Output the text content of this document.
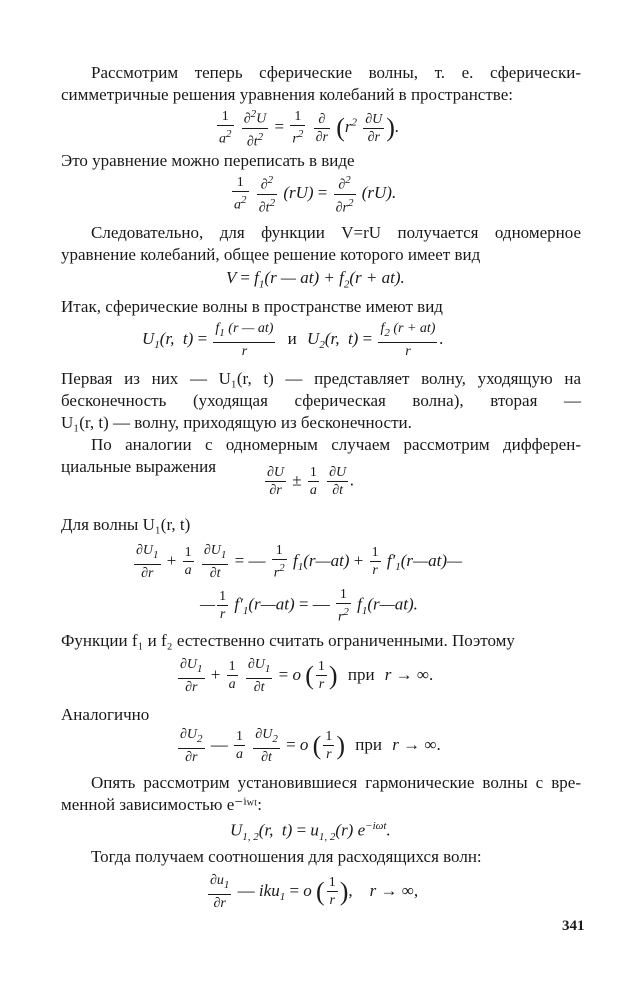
Рассмотрим теперь сферические волны, т. е. сферически-

симметричные решения уравнения колебаний в пространстве:

$\frac{1}{a^2}$
$\frac{\partial^2U}{\partial t^2} = \frac{1}{r^2}$
$\frac{\partial}{\partial r} (r^2 \frac{\partial U}{\partial r}$ ).

Это уравнение можно переписать в виде

$\frac{1}{a^2}$
$\frac{\partial^2}{\partial t^2} (rU) = \frac{\partial^2}{\partial r^2} (rU)$.

Следовательно, для функции V=rU получается одномерное

уравнение колебаний, общее решение которого имеет вид

$V = f_1(r$ — $at) + f_2(r + at)$.

Итак, сферические волны в пространстве имеют вид

$U_1(r$,  $t) = \frac{f_1 (r — at)}{r}$ и $U_2(r$,  $t) = \frac{f_2 (r + at)}{r}$ .

Первая из них — U₁(r, t) — представляет волну, уходящую на

бесконечность (уходящая сферическая волна), вторая —

U₁(r, t) — волну, приходящую из бесконечности.

По аналогии с одномерным случаем рассмотрим дифферен-

циальные выражения	$\frac{\partial U}{\partial r} \pm \frac{1}{a}$
$\frac{\partial U}{\partial t}$ .

Для волны U₁(r, t)

$\frac{\partial U_1}{\partial r} + \frac{1}{a}$
$\frac{\partial U_1}{\partial t}$ = — $\frac{1}{r^2}$ $f_1(r—at) + \frac{1}{r}$ $f'_1(r—at)—$
— $\frac{1}{r}$ $f'_1(r—at)$ = — $\frac{1}{r^2}$ $f_1(r—at)$.

Функции f₁ и f₂ естественно считать ограниченными. Поэтому

$\frac{\partial U_1}{\partial r} + \frac{1}{a}$
$\frac{\partial U_1}{\partial t} = o$ ( $\frac{1}{r}$ ) при r → ∞.

Аналогично

$\frac{\partial U_2}{\partial r}$ — $\frac{1}{a}$
$\frac{\partial U_2}{\partial t} = o$ ( $\frac{1}{r}$ ) при r → ∞.

Опять рассмотрим установившиеся гармонические волны с вре-

менной зависимостью e⁻ⁱʷᵗ:

$U_{1, 2}(r$,  $t) = u_{1, 2}(r)$ $e^{-i\omega t}$.

Тогда получаем соотношения для расходящихся волн:

$\frac{\partial u_1}{\partial r}$ — iku$_1$ = o ( $\frac{1}{r}$ ),    r → ∞,
341
